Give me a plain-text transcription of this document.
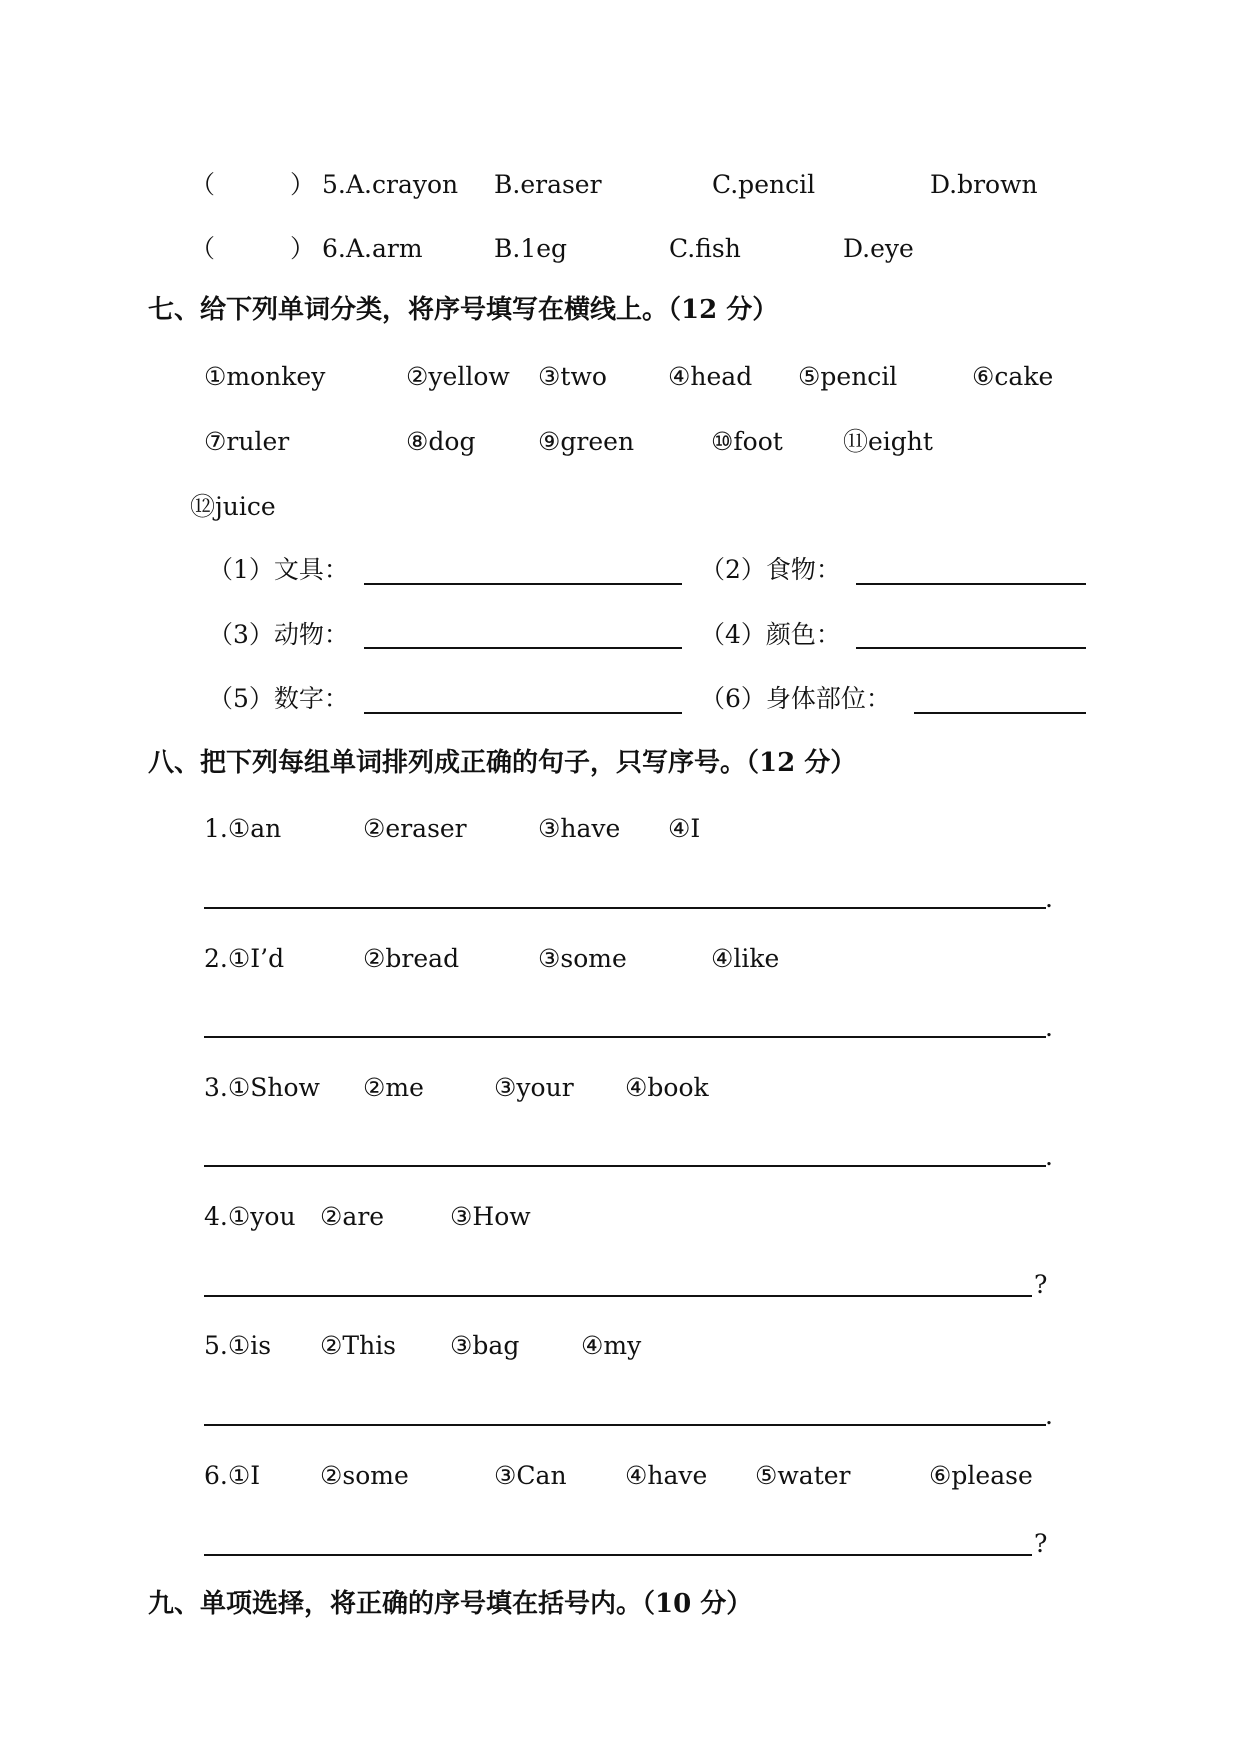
（　　　） 5. A.crayon B.eraser	C.pencil	D.brown
（　　　） 6. A.arm	B.1eg	C.fish	D.eye
七、给下列单词分类，将序号填写在横线上。（12 分）
①monkey	②yellow ③two ④head ⑤pencil	⑥cake
⑦ruler	⑧dog	⑨green	⑩foot ⑪eight
⑫juice
（1）文具：	（2）食物：
（3）动物：	（4）颜色：
（5）数字：	（6）身体部位：
八、把下列每组单词排列成正确的句子，只写序号。（12 分）
1.①an	②eraser	③have ④I
.
2.①I’d	②bread	③some	④like
.
3.①Show ②me	③your ④book
.
4.①you ②are	③How
?
5.①is ②This ③bag ④my
.
6.①I ②some	③Can ④have ⑤water	⑥please
?
九、单项选择，将正确的序号填在括号内。（10 分）
